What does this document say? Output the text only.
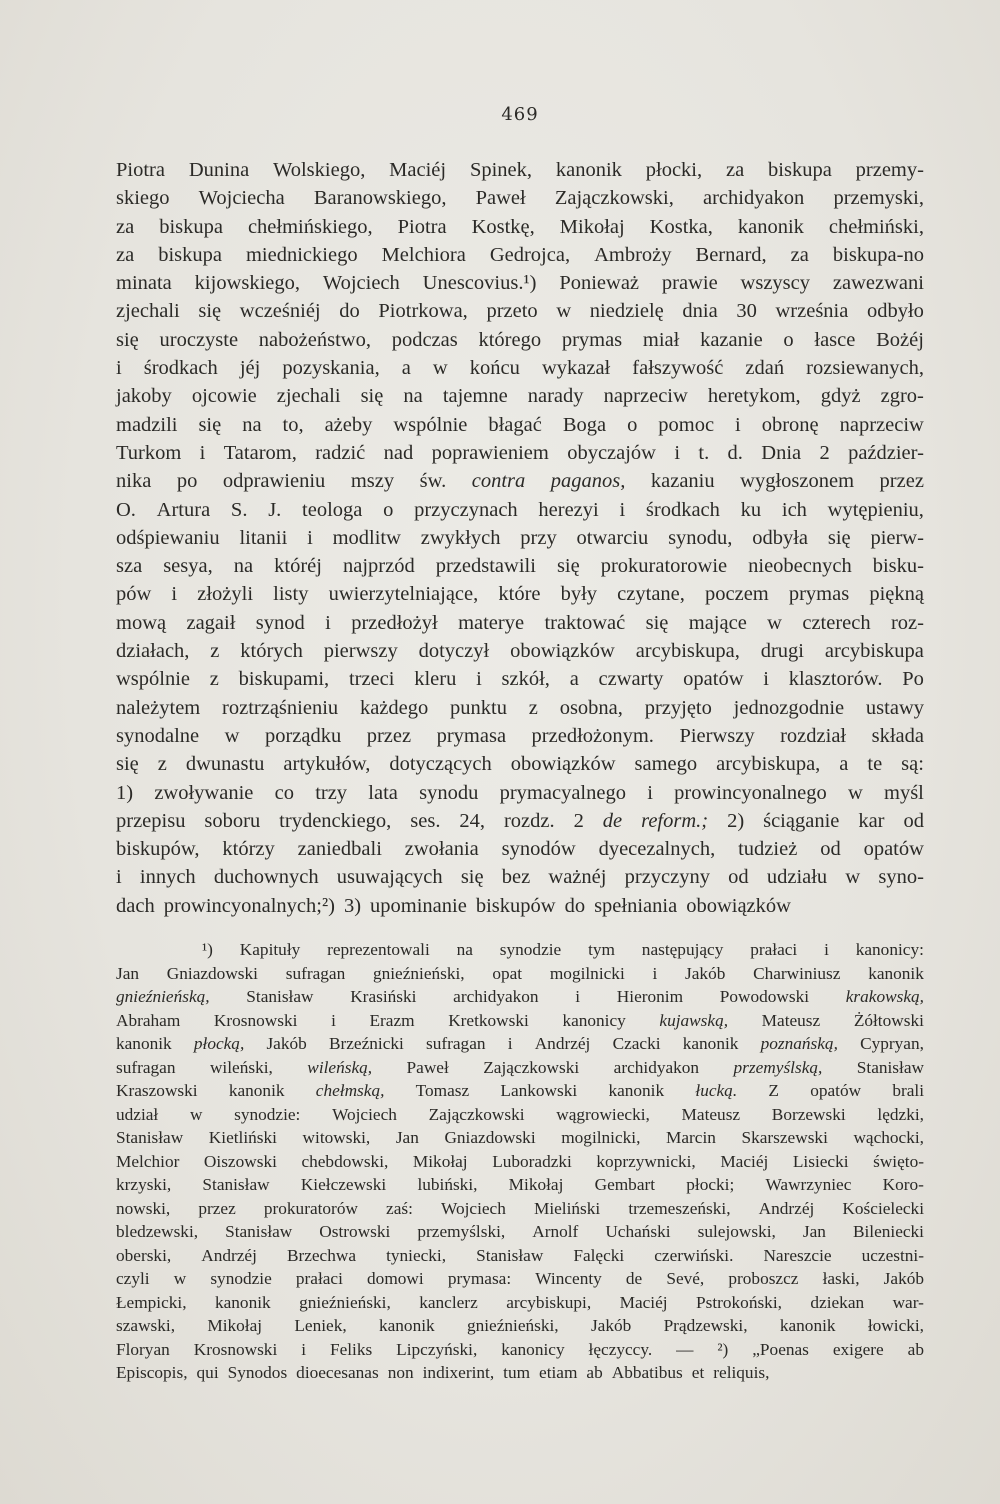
469
Piotra Dunina Wolskiego, Maciéj Spinek, kanonik płocki, za biskupa przemy-
skiego Wojciecha Baranowskiego, Paweł Zajączkowski, archidyakon przemyski,
za biskupa chełmińskiego, Piotra Kostkę, Mikołaj Kostka, kanonik chełmiński,
za biskupa miednickiego Melchiora Gedrojca, Ambroży Bernard, za biskupa-no
minata kijowskiego, Wojciech Unescovius.¹) Ponieważ prawie wszyscy zawezwani
zjechali się wcześniéj do Piotrkowa, przeto w niedzielę dnia 30 września odbyło
się uroczyste nabożeństwo, podczas którego prymas miał kazanie o łasce Bożéj
i środkach jéj pozyskania, a w końcu wykazał fałszywość zdań rozsiewanych,
jakoby ojcowie zjechali się na tajemne narady naprzeciw heretykom, gdyż zgro-
madzili się na to, ażeby wspólnie błagać Boga o pomoc i obronę naprzeciw
Turkom i Tatarom, radzić nad poprawieniem obyczajów i t. d. Dnia 2 paździer-
nika po odprawieniu mszy św. contra paganos, kazaniu wygłoszonem przez
O. Artura S. J. teologa o przyczynach herezyi i środkach ku ich wytępieniu,
odśpiewaniu litanii i modlitw zwykłych przy otwarciu synodu, odbyła się pierw-
sza sesya, na któréj najprzód przedstawili się prokuratorowie nieobecnych bisku-
pów i złożyli listy uwierzytelniające, które były czytane, poczem prymas piękną
mową zagaił synod i przedłożył materye traktować się mające w czterech roz-
działach, z których pierwszy dotyczył obowiązków arcybiskupa, drugi arcybiskupa
wspólnie z biskupami, trzeci kleru i szkół, a czwarty opatów i klasztorów. Po
należytem roztrząśnieniu każdego punktu z osobna, przyjęto jednozgodnie ustawy
synodalne w porządku przez prymasa przedłożonym. Pierwszy rozdział składa
się z dwunastu artykułów, dotyczących obowiązków samego arcybiskupa, a te są:
1) zwoływanie co trzy lata synodu prymacyalnego i prowincyonalnego w myśl
przepisu soboru trydenckiego, ses. 24, rozdz. 2 de reform.; 2) ściąganie kar od
biskupów, którzy zaniedbali zwołania synodów dyecezalnych, tudzież od opatów
i innych duchownych usuwających się bez ważnéj przyczyny od udziału w syno-
dach prowincyonalnych;²) 3) upominanie biskupów do spełniania obowiązków
¹) Kapituły reprezentowali na synodzie tym następujący prałaci i kanonicy:
Jan Gniazdowski sufragan gnieźnieński, opat mogilnicki i Jakób Charwiniusz kanonik
gnieźnieńską, Stanisław Krasiński archidyakon i Hieronim Powodowski krakowską,
Abraham Krosnowski i Erazm Kretkowski kanonicy kujawską, Mateusz Żółtowski
kanonik płocką, Jakób Brzeźnicki sufragan i Andrzéj Czacki kanonik poznańską, Cypryan,
sufragan wileński, wileńską, Paweł Zajączkowski archidyakon przemyślską, Stanisław
Kraszowski kanonik chełmską, Tomasz Lankowski kanonik łucką. Z opatów brali
udział w synodzie: Wojciech Zajączkowski wągrowiecki, Mateusz Borzewski lędzki,
Stanisław Kietliński witowski, Jan Gniazdowski mogilnicki, Marcin Skarszewski wąchocki,
Melchior Oiszowski chebdowski, Mikołaj Luboradzki koprzywnicki, Maciéj Lisiecki święto-
krzyski, Stanisław Kiełczewski lubiński, Mikołaj Gembart płocki; Wawrzyniec Koro-
nowski, przez prokuratorów zaś: Wojciech Mieliński trzemeszeński, Andrzéj Kościelecki
bledzewski, Stanisław Ostrowski przemyślski, Arnolf Uchański sulejowski, Jan Bileniecki
oberski, Andrzéj Brzechwa tyniecki, Stanisław Falęcki czerwiński. Nareszcie uczestni-
czyli w synodzie prałaci domowi prymasa: Wincenty de Sevé, proboszcz łaski, Jakób
Łempicki, kanonik gnieźnieński, kanclerz arcybiskupi, Maciéj Pstrokoński, dziekan war-
szawski, Mikołaj Leniek, kanonik gnieźnieński, Jakób Prądzewski, kanonik łowicki,
Floryan Krosnowski i Feliks Lipczyński, kanonicy łęczyccy. — ²) „Poenas exigere ab
Episcopis, qui Synodos dioecesanas non indixerint, tum etiam ab Abbatibus et reliquis,
